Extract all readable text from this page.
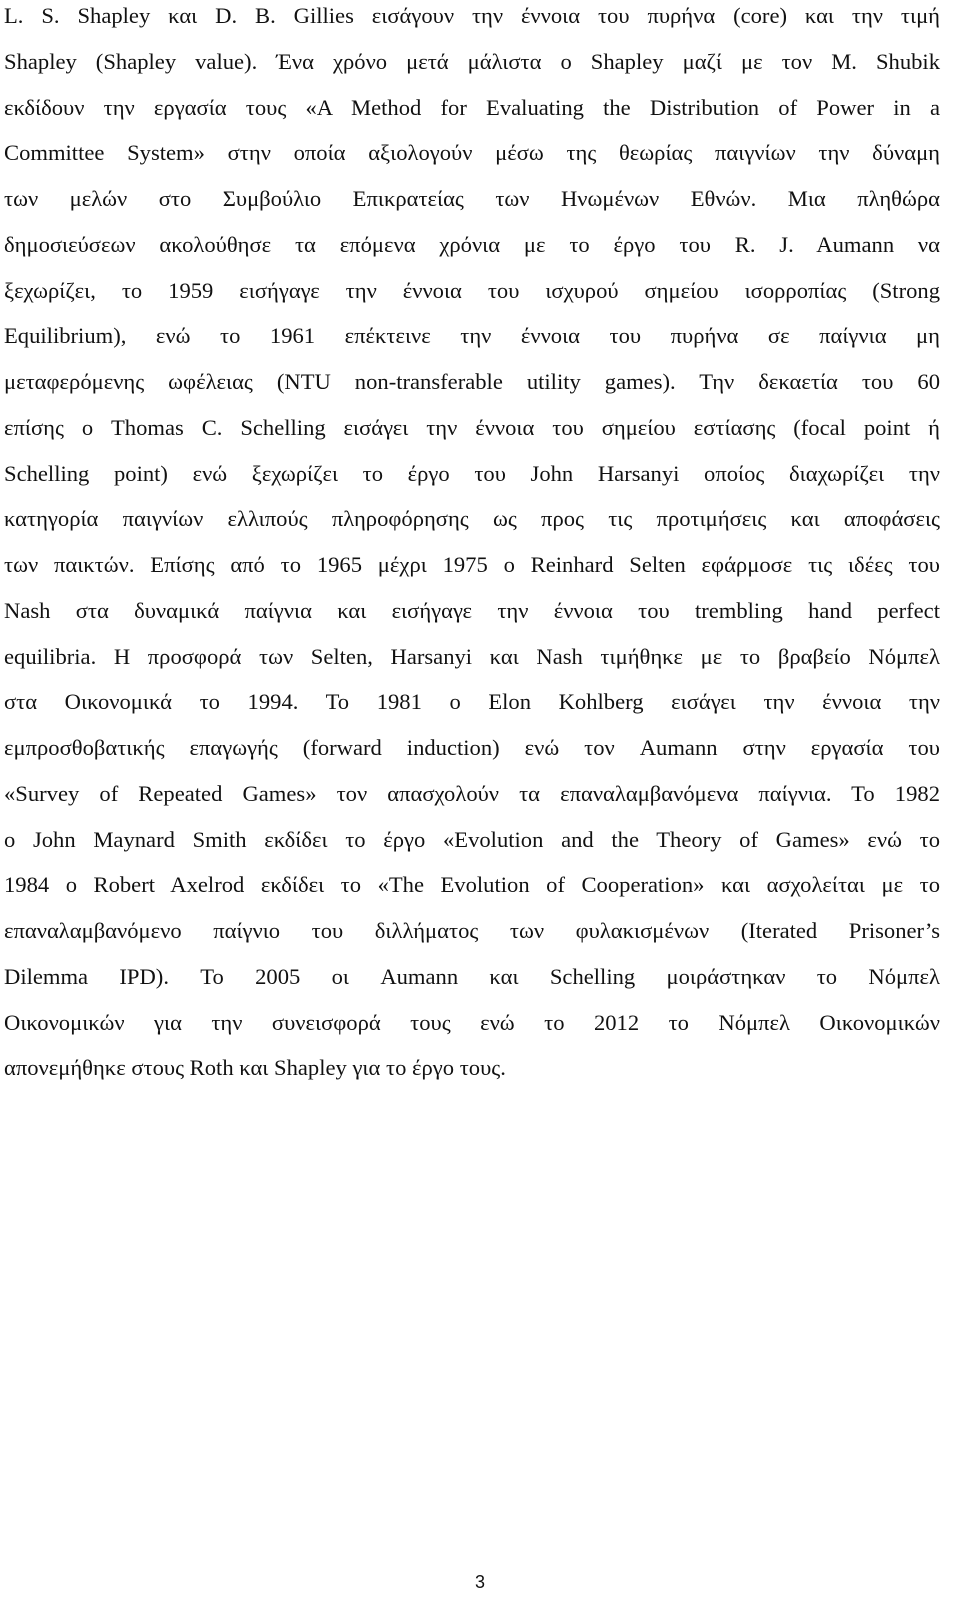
L. S. Shapley και D. B. Gillies εισάγουν την έννοια του πυρήνα (core) και την τιμή
Shapley (Shapley value). Ένα χρόνο μετά μάλιστα ο Shapley μαζί με τον M. Shubik
εκδίδουν την εργασία τους «A Method for Evaluating the Distribution of Power in a
Committee System» στην οποία αξιολογούν μέσω της θεωρίας παιγνίων την δύναμη
των μελών στο Συμβούλιο Επικρατείας των Ηνωμένων Εθνών. Μια πληθώρα
δημοσιεύσεων ακολούθησε τα επόμενα χρόνια με το έργο του R. J. Aumann να
ξεχωρίζει, το 1959 εισήγαγε την έννοια του ισχυρού σημείου ισορροπίας (Strong
Equilibrium), ενώ το 1961 επέκτεινε την έννοια του πυρήνα σε παίγνια μη
μεταφερόμενης ωφέλειας (NTU non-transferable utility games). Την δεκαετία του 60
επίσης ο Thomas C. Schelling εισάγει την έννοια του σημείου εστίασης (focal point ή
Schelling point) ενώ ξεχωρίζει το έργο του John Harsanyi οποίος διαχωρίζει την
κατηγορία παιγνίων ελλιπούς πληροφόρησης ως προς τις προτιμήσεις και αποφάσεις
των παικτών. Επίσης από το 1965 μέχρι 1975 ο Reinhard Selten εφάρμοσε τις ιδέες του
Nash στα δυναμικά παίγνια και εισήγαγε την έννοια του trembling hand perfect
equilibria. Η προσφορά των Selten, Harsanyi και Nash τιμήθηκε με το βραβείο Νόμπελ
στα Οικονομικά το 1994. Το 1981 ο Elon Kohlberg εισάγει την έννοια την
εμπροσθοβατικής επαγωγής (forward induction) ενώ τον Aumann στην εργασία του
«Survey of Repeated Games» τον απασχολούν τα επαναλαμβανόμενα παίγνια. Το 1982
ο John Maynard Smith εκδίδει το έργο «Evolution and the Theory of Games» ενώ το
1984 ο Robert Axelrod εκδίδει το «The Evolution of Cooperation» και ασχολείται με το
επαναλαμβανόμενο παίγνιο του διλλήματος των φυλακισμένων (Iterated Prisoner’s
Dilemma IPD). Το 2005 οι Aumann και Schelling μοιράστηκαν το Νόμπελ
Οικονομικών για την συνεισφορά τους ενώ το 2012 το Νόμπελ Οικονομικών
απονεμήθηκε στους Roth και Shapley για το έργο τους.
3
